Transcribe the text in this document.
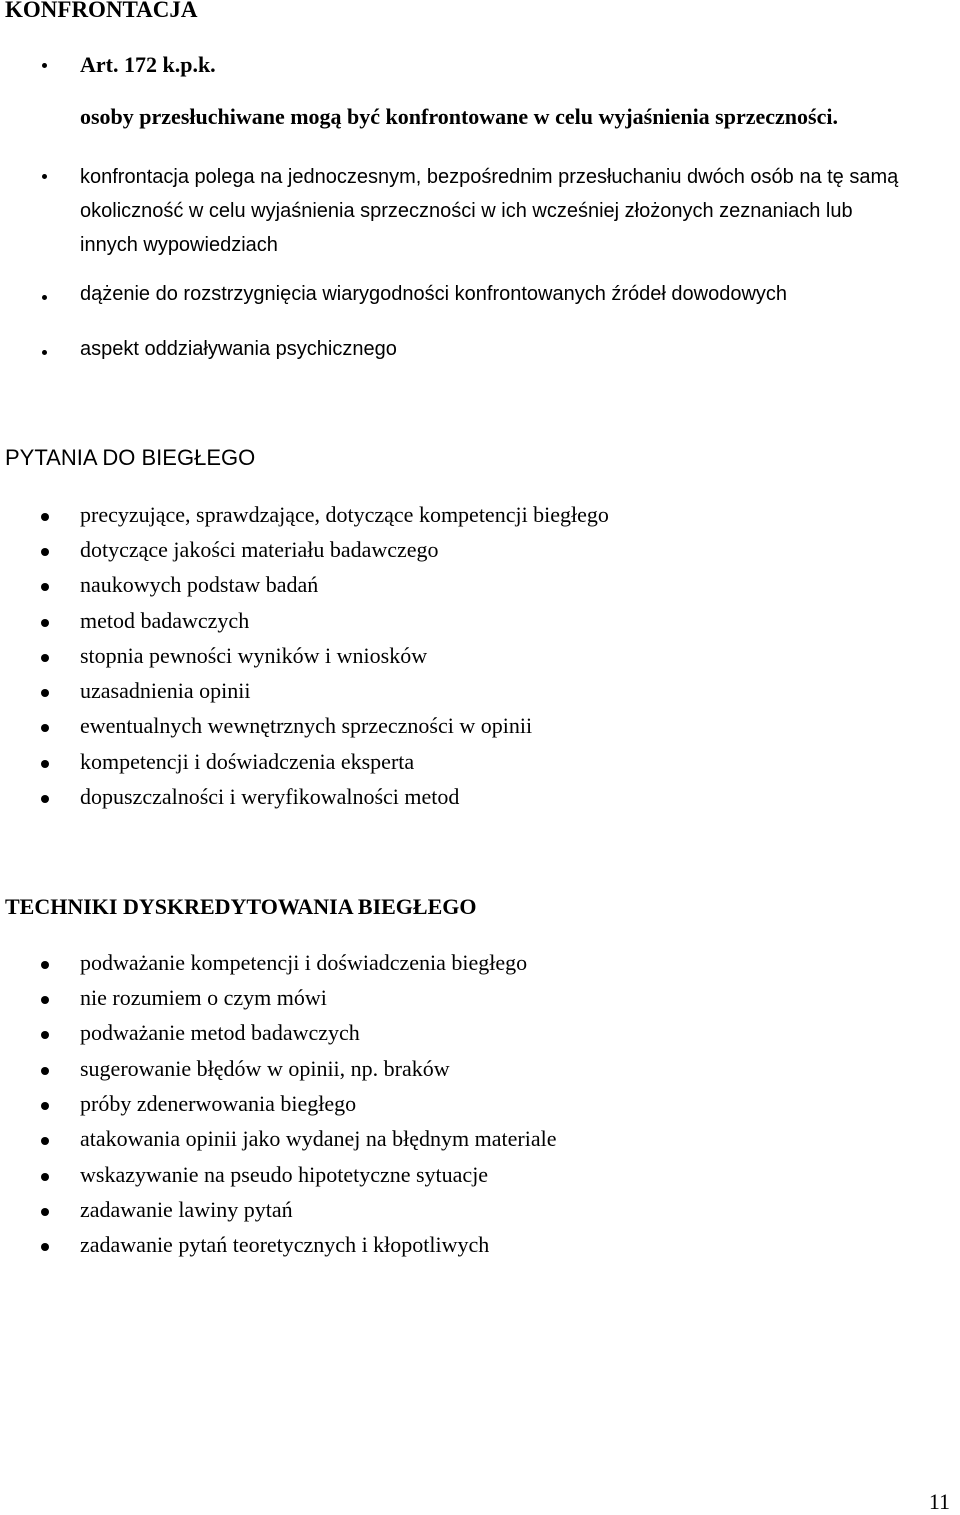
KONFRONTACJA
Art. 172 k.p.k.
osoby przesłuchiwane mogą być konfrontowane w celu wyjaśnienia sprzeczności.
konfrontacja polega na jednoczesnym, bezpośrednim przesłuchaniu dwóch osób na tę samą okoliczność w celu wyjaśnienia sprzeczności w ich wcześniej złożonych zeznaniach lub innych wypowiedziach
dążenie do rozstrzygnięcia wiarygodności konfrontowanych źródeł dowodowych
aspekt oddziaływania psychicznego
PYTANIA DO BIEGŁEGO
precyzujące, sprawdzające, dotyczące kompetencji biegłego
dotyczące jakości materiału badawczego
naukowych podstaw badań
metod badawczych
stopnia pewności wyników i wniosków
uzasadnienia opinii
ewentualnych wewnętrznych sprzeczności w opinii
kompetencji i doświadczenia eksperta
dopuszczalności i weryfikowalności metod
TECHNIKI DYSKREDYTOWANIA BIEGŁEGO
podważanie kompetencji i doświadczenia biegłego
nie rozumiem o czym mówi
podważanie metod badawczych
sugerowanie błędów w opinii, np. braków
próby zdenerwowania biegłego
atakowania opinii jako wydanej na błędnym materiale
wskazywanie na pseudo hipotetyczne sytuacje
zadawanie lawiny pytań
zadawanie pytań teoretycznych i kłopotliwych
11
